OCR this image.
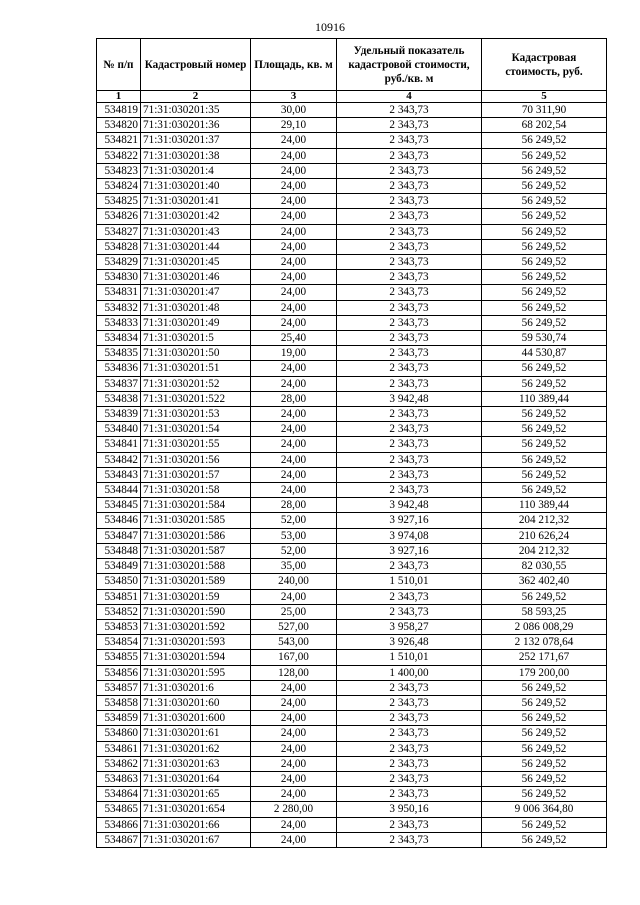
10916
№ п/п	Кадастровый номер	Площадь, кв. м	Удельный показатель кадастровой стоимости, руб./кв. м	Кадастровая стоимость, руб.
1	2	3	4	5
534819	71:31:030201:35	30,00	2 343,73	70 311,90
534820	71:31:030201:36	29,10	2 343,73	68 202,54
534821	71:31:030201:37	24,00	2 343,73	56 249,52
534822	71:31:030201:38	24,00	2 343,73	56 249,52
534823	71:31:030201:4	24,00	2 343,73	56 249,52
534824	71:31:030201:40	24,00	2 343,73	56 249,52
534825	71:31:030201:41	24,00	2 343,73	56 249,52
534826	71:31:030201:42	24,00	2 343,73	56 249,52
534827	71:31:030201:43	24,00	2 343,73	56 249,52
534828	71:31:030201:44	24,00	2 343,73	56 249,52
534829	71:31:030201:45	24,00	2 343,73	56 249,52
534830	71:31:030201:46	24,00	2 343,73	56 249,52
534831	71:31:030201:47	24,00	2 343,73	56 249,52
534832	71:31:030201:48	24,00	2 343,73	56 249,52
534833	71:31:030201:49	24,00	2 343,73	56 249,52
534834	71:31:030201:5	25,40	2 343,73	59 530,74
534835	71:31:030201:50	19,00	2 343,73	44 530,87
534836	71:31:030201:51	24,00	2 343,73	56 249,52
534837	71:31:030201:52	24,00	2 343,73	56 249,52
534838	71:31:030201:522	28,00	3 942,48	110 389,44
534839	71:31:030201:53	24,00	2 343,73	56 249,52
534840	71:31:030201:54	24,00	2 343,73	56 249,52
534841	71:31:030201:55	24,00	2 343,73	56 249,52
534842	71:31:030201:56	24,00	2 343,73	56 249,52
534843	71:31:030201:57	24,00	2 343,73	56 249,52
534844	71:31:030201:58	24,00	2 343,73	56 249,52
534845	71:31:030201:584	28,00	3 942,48	110 389,44
534846	71:31:030201:585	52,00	3 927,16	204 212,32
534847	71:31:030201:586	53,00	3 974,08	210 626,24
534848	71:31:030201:587	52,00	3 927,16	204 212,32
534849	71:31:030201:588	35,00	2 343,73	82 030,55
534850	71:31:030201:589	240,00	1 510,01	362 402,40
534851	71:31:030201:59	24,00	2 343,73	56 249,52
534852	71:31:030201:590	25,00	2 343,73	58 593,25
534853	71:31:030201:592	527,00	3 958,27	2 086 008,29
534854	71:31:030201:593	543,00	3 926,48	2 132 078,64
534855	71:31:030201:594	167,00	1 510,01	252 171,67
534856	71:31:030201:595	128,00	1 400,00	179 200,00
534857	71:31:030201:6	24,00	2 343,73	56 249,52
534858	71:31:030201:60	24,00	2 343,73	56 249,52
534859	71:31:030201:600	24,00	2 343,73	56 249,52
534860	71:31:030201:61	24,00	2 343,73	56 249,52
534861	71:31:030201:62	24,00	2 343,73	56 249,52
534862	71:31:030201:63	24,00	2 343,73	56 249,52
534863	71:31:030201:64	24,00	2 343,73	56 249,52
534864	71:31:030201:65	24,00	2 343,73	56 249,52
534865	71:31:030201:654	2 280,00	3 950,16	9 006 364,80
534866	71:31:030201:66	24,00	2 343,73	56 249,52
534867	71:31:030201:67	24,00	2 343,73	56 249,52
